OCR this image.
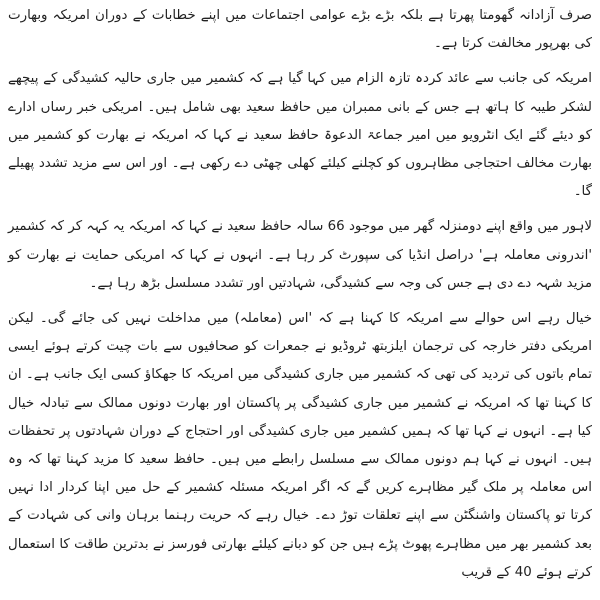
صرف آزادانہ گھومتا پھرتا ہے بلکہ بڑے بڑے عوامی اجتماعات میں اپنے خطابات کے دوران امریکہ وبھارت کی بھرپور مخالفت کرتا ہے۔

امریکہ کی جانب سے عائد کردہ تازہ الزام میں کہا گیا ہے کہ کشمیر میں جاری حالیہ کشیدگی کے پیچھے لشکر طیبہ کا ہاتھ ہے جس کے بانی ممبران میں حافظ سعید بھی شامل ہیں۔ امریکی خبر رساں ادارے کو دیئے گئے ایک انٹرویو میں امیر جماعۃ الدعوۃ حافظ سعید نے کہا کہ امریکہ نے بھارت کو کشمیر میں بھارت مخالف احتجاجی مظاہروں کو کچلنے کیلئے کھلی چھٹی دے رکھی ہے۔ اور اس سے مزید تشدد پھیلے گا۔

لاہور میں واقع اپنے دومنزلہ گھر میں موجود 66 سالہ حافظ سعید نے کہا کہ امریکہ یہ کہہ کر کہ کشمیر 'اندرونی معاملہ ہے' دراصل انڈیا کی سپورٹ کر رہا ہے۔ انہوں نے کہا کہ امریکی حمایت نے بھارت کو مزید شہہ دے دی ہے جس کی وجہ سے کشیدگی، شہادتیں اور تشدد مسلسل بڑھ رہا ہے۔

خیال رہے اس حوالے سے امریکہ کا کہنا ہے کہ 'اس (معاملہ) میں مداخلت نہیں کی جائے گی۔ لیکن امریکی دفتر خارجہ کی ترجمان ایلزبتھ ٹروڈیو نے جمعرات کو صحافیوں سے بات چیت کرتے ہوئے ایسی تمام باتوں کی تردید کی تھی کہ کشمیر میں جاری کشیدگی میں امریکہ کا جھکاؤ کسی ایک جانب ہے۔ ان کا کہنا تھا کہ امریکہ نے کشمیر میں جاری کشیدگی پر پاکستان اور بھارت دونوں ممالک سے تبادلہ خیال کیا ہے۔ انہوں نے کہا تھا کہ ہمیں کشمیر میں جاری کشیدگی اور احتجاج کے دوران شہادتوں پر تحفظات ہیں۔ انہوں نے کہا ہم دونوں ممالک سے مسلسل رابطے میں ہیں۔ حافظ سعید کا مزید کہنا تھا کہ وہ اس معاملہ پر ملک گیر مظاہرے کریں گے کہ اگر امریکہ مسئلہ کشمیر کے حل میں اپنا کردار ادا نہیں کرتا تو پاکستان واشنگٹن سے اپنے تعلقات توڑ دے۔ خیال رہے کہ حریت رہنما برہان وانی کی شہادت کے بعد کشمیر بھر میں مظاہرے پھوٹ پڑے ہیں جن کو دبانے کیلئے بھارتی فورسز نے بدترین طاقت کا استعمال کرتے ہوئے 40 کے قریب
